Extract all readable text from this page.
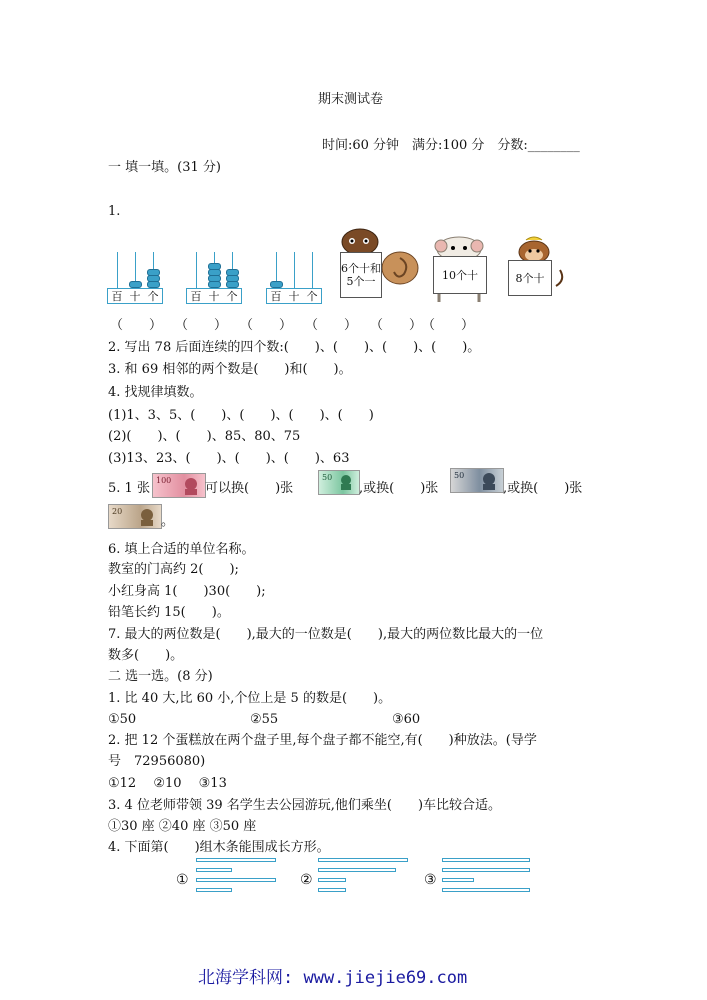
期末测试卷
时间:60 分钟　满分:100 分　分数:________
一 填一填。(31 分)
1.
百 十 个	百 十 个	百 十 个
6个十和5个一	10个十	8个十
（　　）　　（　　）　　（　　）　　（　　）　　（　　）　（　　）
2. 写出 78 后面连续的四个数:(　　)、(　　)、(　　)、(　　)。
3. 和 69 相邻的两个数是(　　)和(　　)。
4. 找规律填数。
(1)1、3、5、(　　)、(　　)、(　　)、(　　)
(2)(　　)、(　　)、85、80、75
(3)13、23、(　　)、(　　)、(　　)、63
5. 1 张
100
可以换(　　)张
50
,或换(　　)张
50
,或换(　　)张
20
。
6. 填上合适的单位名称。
教室的门高约 2(　　);
小红身高 1(　　)30(　　);
铅笔长约 15(　　)。
7. 最大的两位数是(　　),最大的一位数是(　　),最大的两位数比最大的一位
数多(　　)。
二 选一选。(8 分)
1. 比 40 大,比 60 小,个位上是 5 的数是(　　)。
①50	②55	③60
2. 把 12 个蛋糕放在两个盘子里,每个盘子都不能空,有(　　)种放法。(导学
号　72956080)
①12　 ②10　 ③13
3. 4 位老师带领 39 名学生去公园游玩,他们乘坐(　　)车比较合适。
①30 座 ②40 座 ③50 座
4. 下面第(　　)组木条能围成长方形。
①	②	③
北海学科网: www.jiejie69.com
